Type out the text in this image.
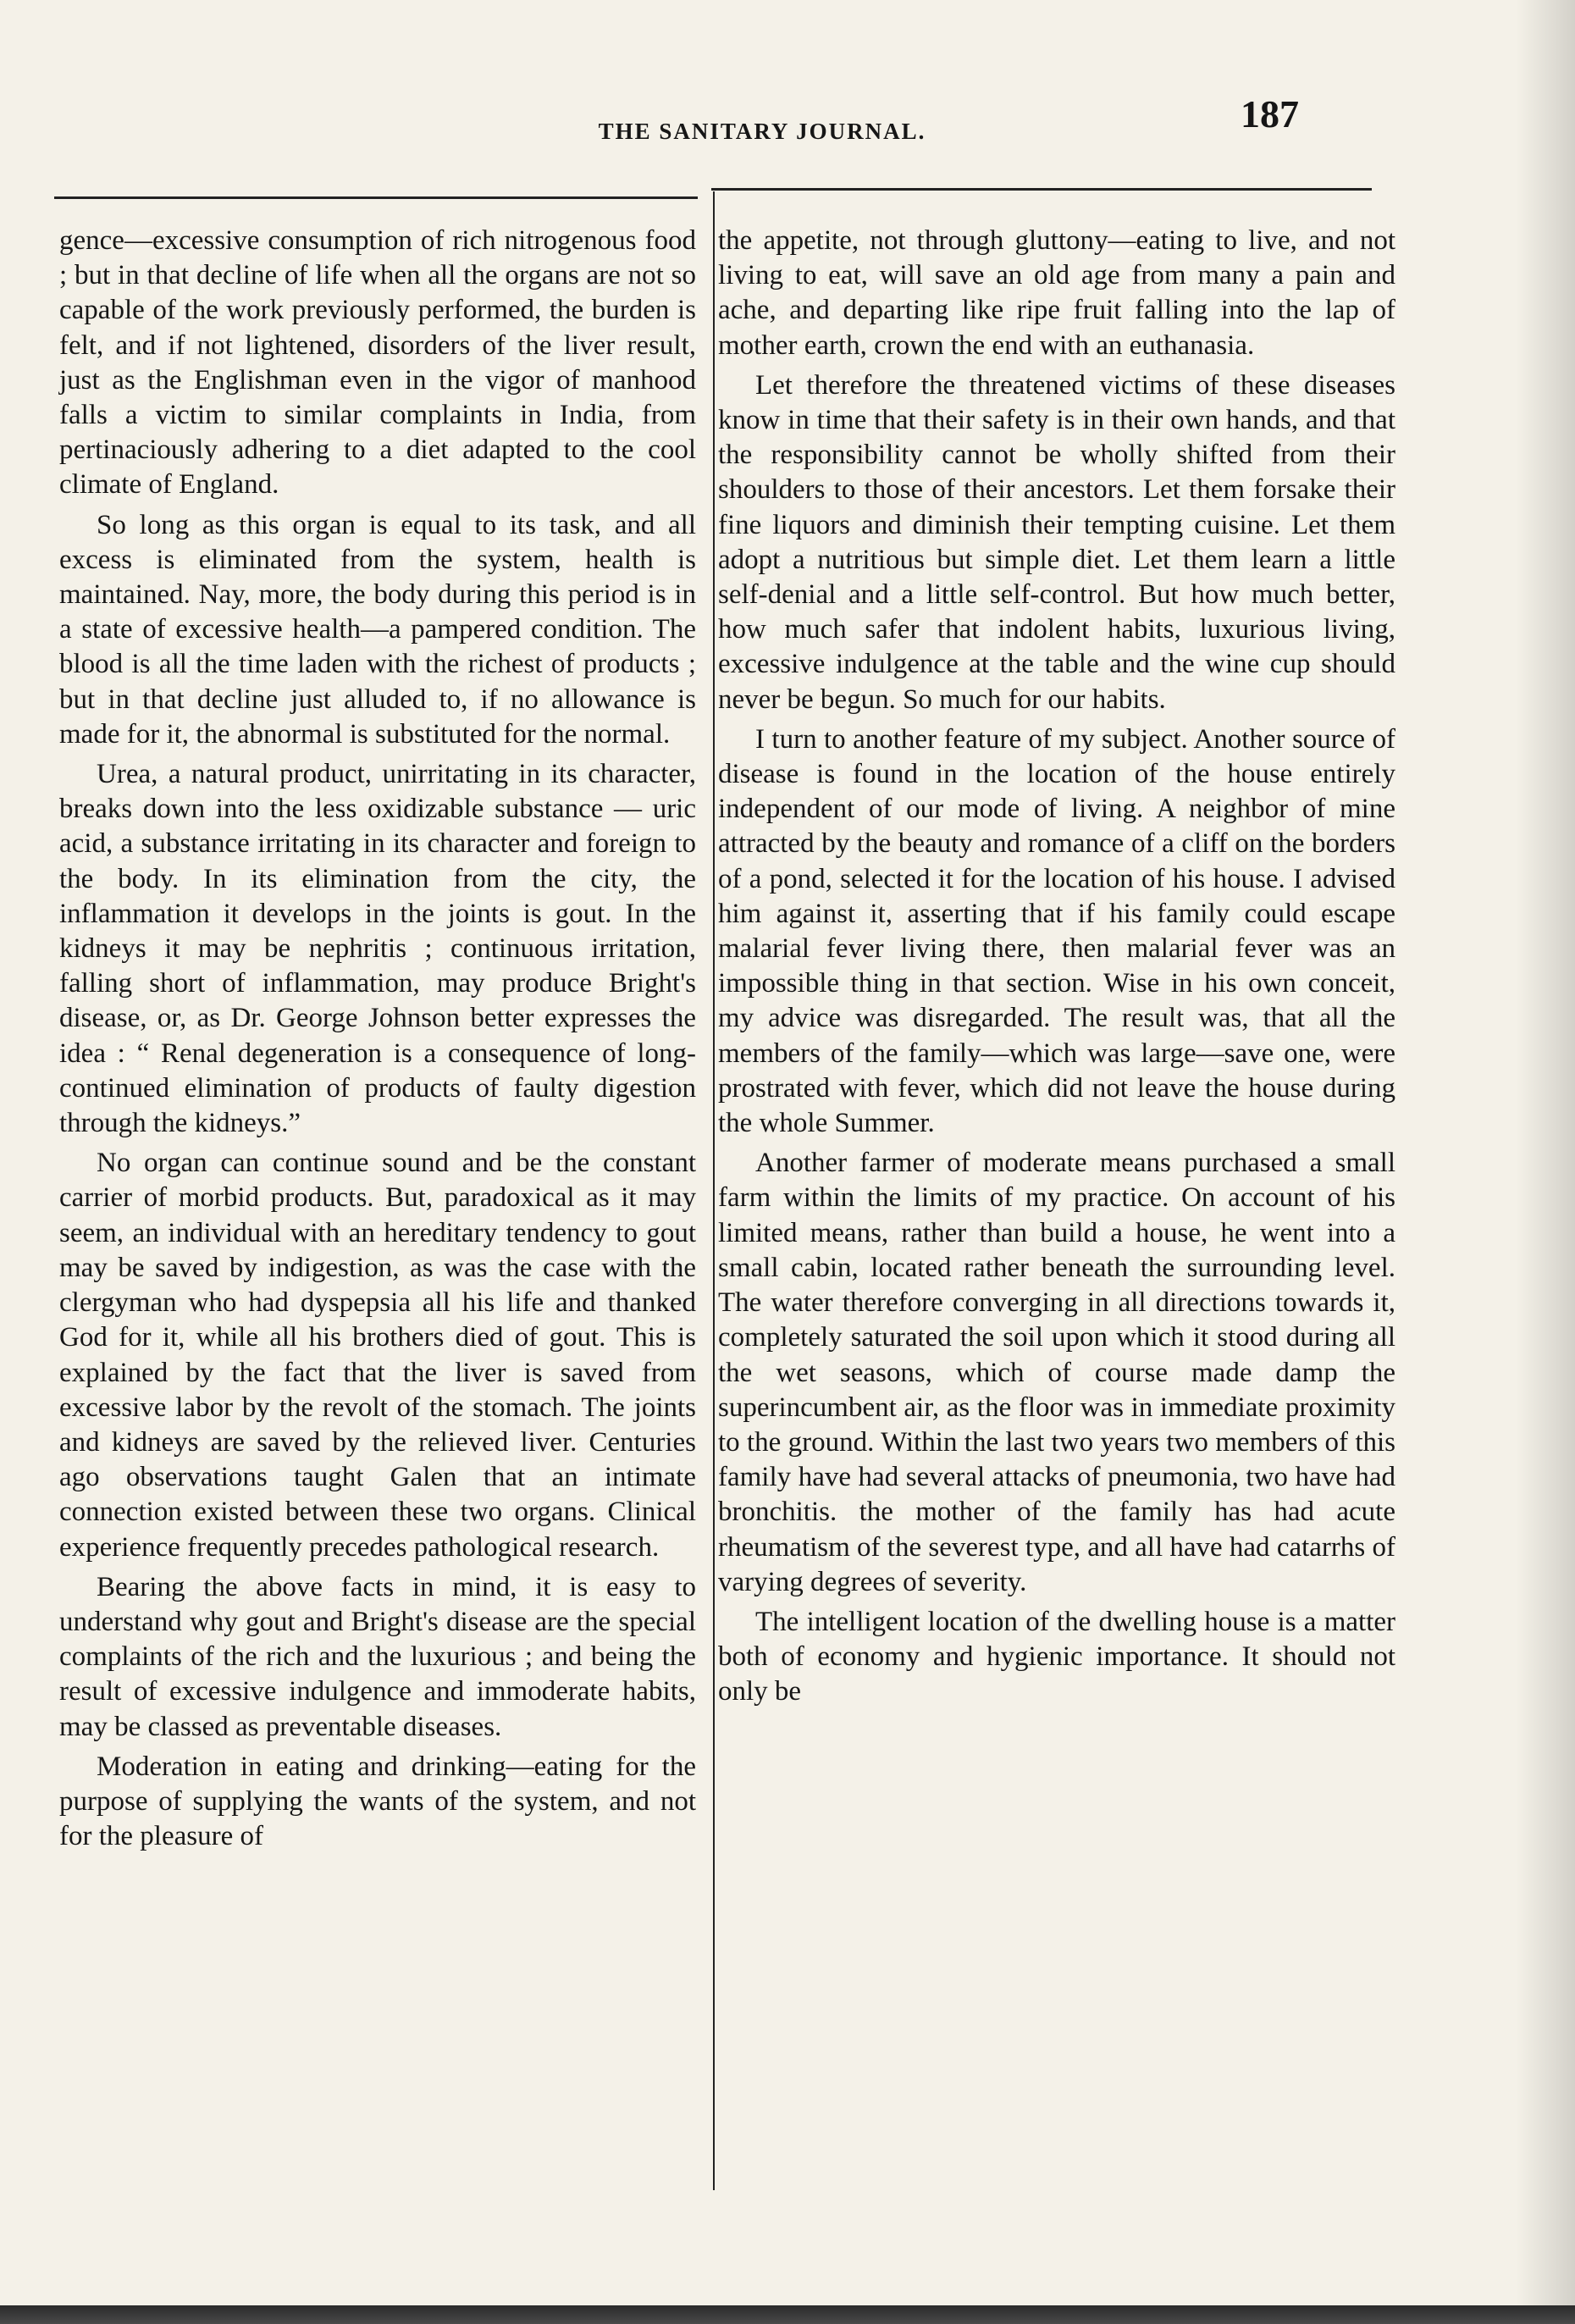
THE SANITARY JOURNAL.	187

gence—excessive consumption of rich nitrogenous food ; but in that decline of life when all the organs are not so capable of the work previously performed, the burden is felt, and if not lightened, disorders of the liver result, just as the Englishman even in the vigor of manhood falls a victim to similar complaints in India, from pertinaciously adhering to a diet adapted to the cool climate of England.

So long as this organ is equal to its task, and all excess is eliminated from the system, health is maintained. Nay, more, the body during this period is in a state of excessive health—a pampered condition. The blood is all the time laden with the richest of products ; but in that decline just alluded to, if no allowance is made for it, the abnormal is substituted for the normal.

Urea, a natural product, unirritating in its character, breaks down into the less oxidizable substance — uric acid, a substance irritating in its character and foreign to the body. In its elimination from the city, the inflammation it develops in the joints is gout. In the kidneys it may be nephritis ; continuous irritation, falling short of inflammation, may produce Bright's disease, or, as Dr. George Johnson better expresses the idea : “ Renal degeneration is a consequence of long-continued elimination of products of faulty digestion through the kidneys.”

No organ can continue sound and be the constant carrier of morbid products. But, paradoxical as it may seem, an individual with an hereditary tendency to gout may be saved by indigestion, as was the case with the clergyman who had dyspepsia all his life and thanked God for it, while all his brothers died of gout. This is explained by the fact that the liver is saved from excessive labor by the revolt of the stomach. The joints and kidneys are saved by the relieved liver. Centuries ago observations taught Galen that an intimate connection existed between these two organs. Clinical experience frequently precedes pathological research.

Bearing the above facts in mind, it is easy to understand why gout and Bright's disease are the special complaints of the rich and the luxurious ; and being the result of excessive indulgence and immoderate habits, may be classed as preventable diseases.

Moderation in eating and drinking—eating for the purpose of supplying the wants of the system, and not for the pleasure of

the appetite, not through gluttony—eating to live, and not living to eat, will save an old age from many a pain and ache, and departing like ripe fruit falling into the lap of mother earth, crown the end with an euthanasia.

Let therefore the threatened victims of these diseases know in time that their safety is in their own hands, and that the responsibility cannot be wholly shifted from their shoulders to those of their ancestors. Let them forsake their fine liquors and diminish their tempting cuisine. Let them adopt a nutritious but simple diet. Let them learn a little self-denial and a little self-control. But how much better, how much safer that indolent habits, luxurious living, excessive indulgence at the table and the wine cup should never be begun. So much for our habits.

I turn to another feature of my subject. Another source of disease is found in the location of the house entirely independent of our mode of living. A neighbor of mine attracted by the beauty and romance of a cliff on the borders of a pond, selected it for the location of his house. I advised him against it, asserting that if his family could escape malarial fever living there, then malarial fever was an impossible thing in that section. Wise in his own conceit, my advice was disregarded. The result was, that all the members of the family—which was large—save one, were prostrated with fever, which did not leave the house during the whole Summer.

Another farmer of moderate means purchased a small farm within the limits of my practice. On account of his limited means, rather than build a house, he went into a small cabin, located rather beneath the surrounding level. The water therefore converging in all directions towards it, completely saturated the soil upon which it stood during all the wet seasons, which of course made damp the superincumbent air, as the floor was in immediate proximity to the ground. Within the last two years two members of this family have had several attacks of pneumonia, two have had bronchitis. the mother of the family has had acute rheumatism of the severest type, and all have had catarrhs of varying degrees of severity.

The intelligent location of the dwelling house is a matter both of economy and hygienic importance. It should not only be
